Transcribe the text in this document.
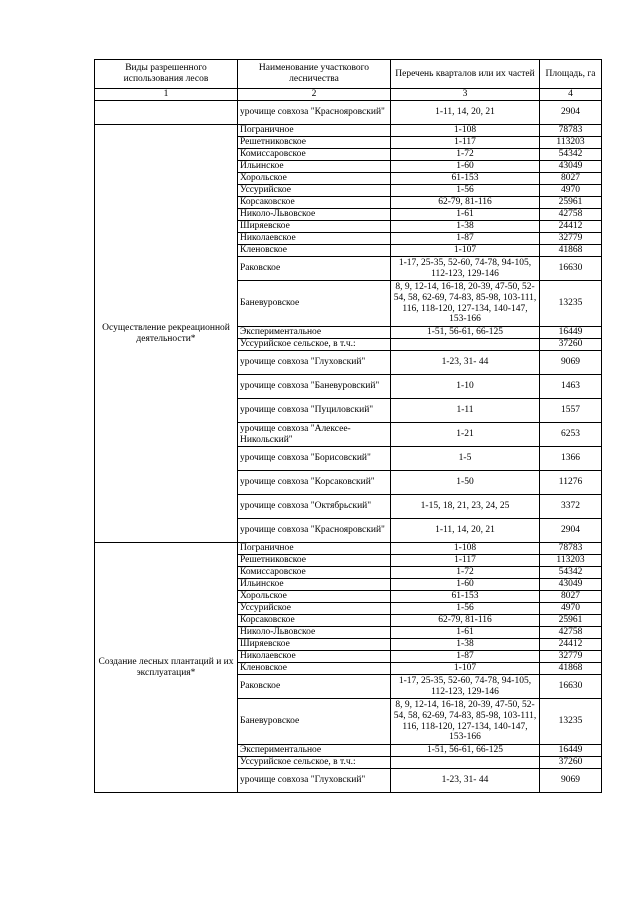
Виды разрешенного использования лесов	Наименование участкового лесничества	Перечень кварталов или их частей	Площадь, га
1	2	3	4
	урочище совхоза "Краснояровский"	1-11, 14, 20, 21	2904
Осуществление рекреационной деятельности*	Пограничное	1-108	78783
	Решетниковское	1-117	113203
	Комиссаровское	1-72	54342
	Ильинское	1-60	43049
	Хорольское	61-153	8027
	Уссурийское	1-56	4970
	Корсаковское	62-79, 81-116	25961
	Николо-Львовское	1-61	42758
	Ширяевское	1-38	24412
	Николаевское	1-87	32779
	Кленовское	1-107	41868
	Раковское	1-17, 25-35, 52-60, 74-78, 94-105, 112-123, 129-146	16630
	Баневуровское	8, 9, 12-14, 16-18, 20-39, 47-50, 52-54, 58, 62-69, 74-83, 85-98, 103-111, 116, 118-120, 127-134, 140-147, 153-166	13235
	Экспериментальное	1-51, 56-61, 66-125	16449
	Уссурийское сельское, в т.ч.:		37260
	урочище совхоза "Глуховский"	1-23, 31- 44	9069
	урочище совхоза "Баневуровский"	1-10	1463
	урочище совхоза "Пуциловский"	1-11	1557
	урочище совхоза "Алексее-Никольский"	1-21	6253
	урочище совхоза "Борисовский"	1-5	1366
	урочище совхоза "Корсаковский"	1-50	11276
	урочище совхоза "Октябрьский"	1-15, 18, 21, 23, 24, 25	3372
	урочище совхоза "Краснояровский"	1-11, 14, 20, 21	2904
Создание лесных плантаций и их эксплуатация*	Пограничное	1-108	78783
	Решетниковское	1-117	113203
	Комиссаровское	1-72	54342
	Ильинское	1-60	43049
	Хорольское	61-153	8027
	Уссурийское	1-56	4970
	Корсаковское	62-79, 81-116	25961
	Николо-Львовское	1-61	42758
	Ширяевское	1-38	24412
	Николаевское	1-87	32779
	Кленовское	1-107	41868
	Раковское	1-17, 25-35, 52-60, 74-78, 94-105, 112-123, 129-146	16630
	Баневуровское	8, 9, 12-14, 16-18, 20-39, 47-50, 52-54, 58, 62-69, 74-83, 85-98, 103-111, 116, 118-120, 127-134, 140-147, 153-166	13235
	Экспериментальное	1-51, 56-61, 66-125	16449
	Уссурийское сельское, в т.ч.:		37260
	урочище совхоза "Глуховский"	1-23, 31- 44	9069
